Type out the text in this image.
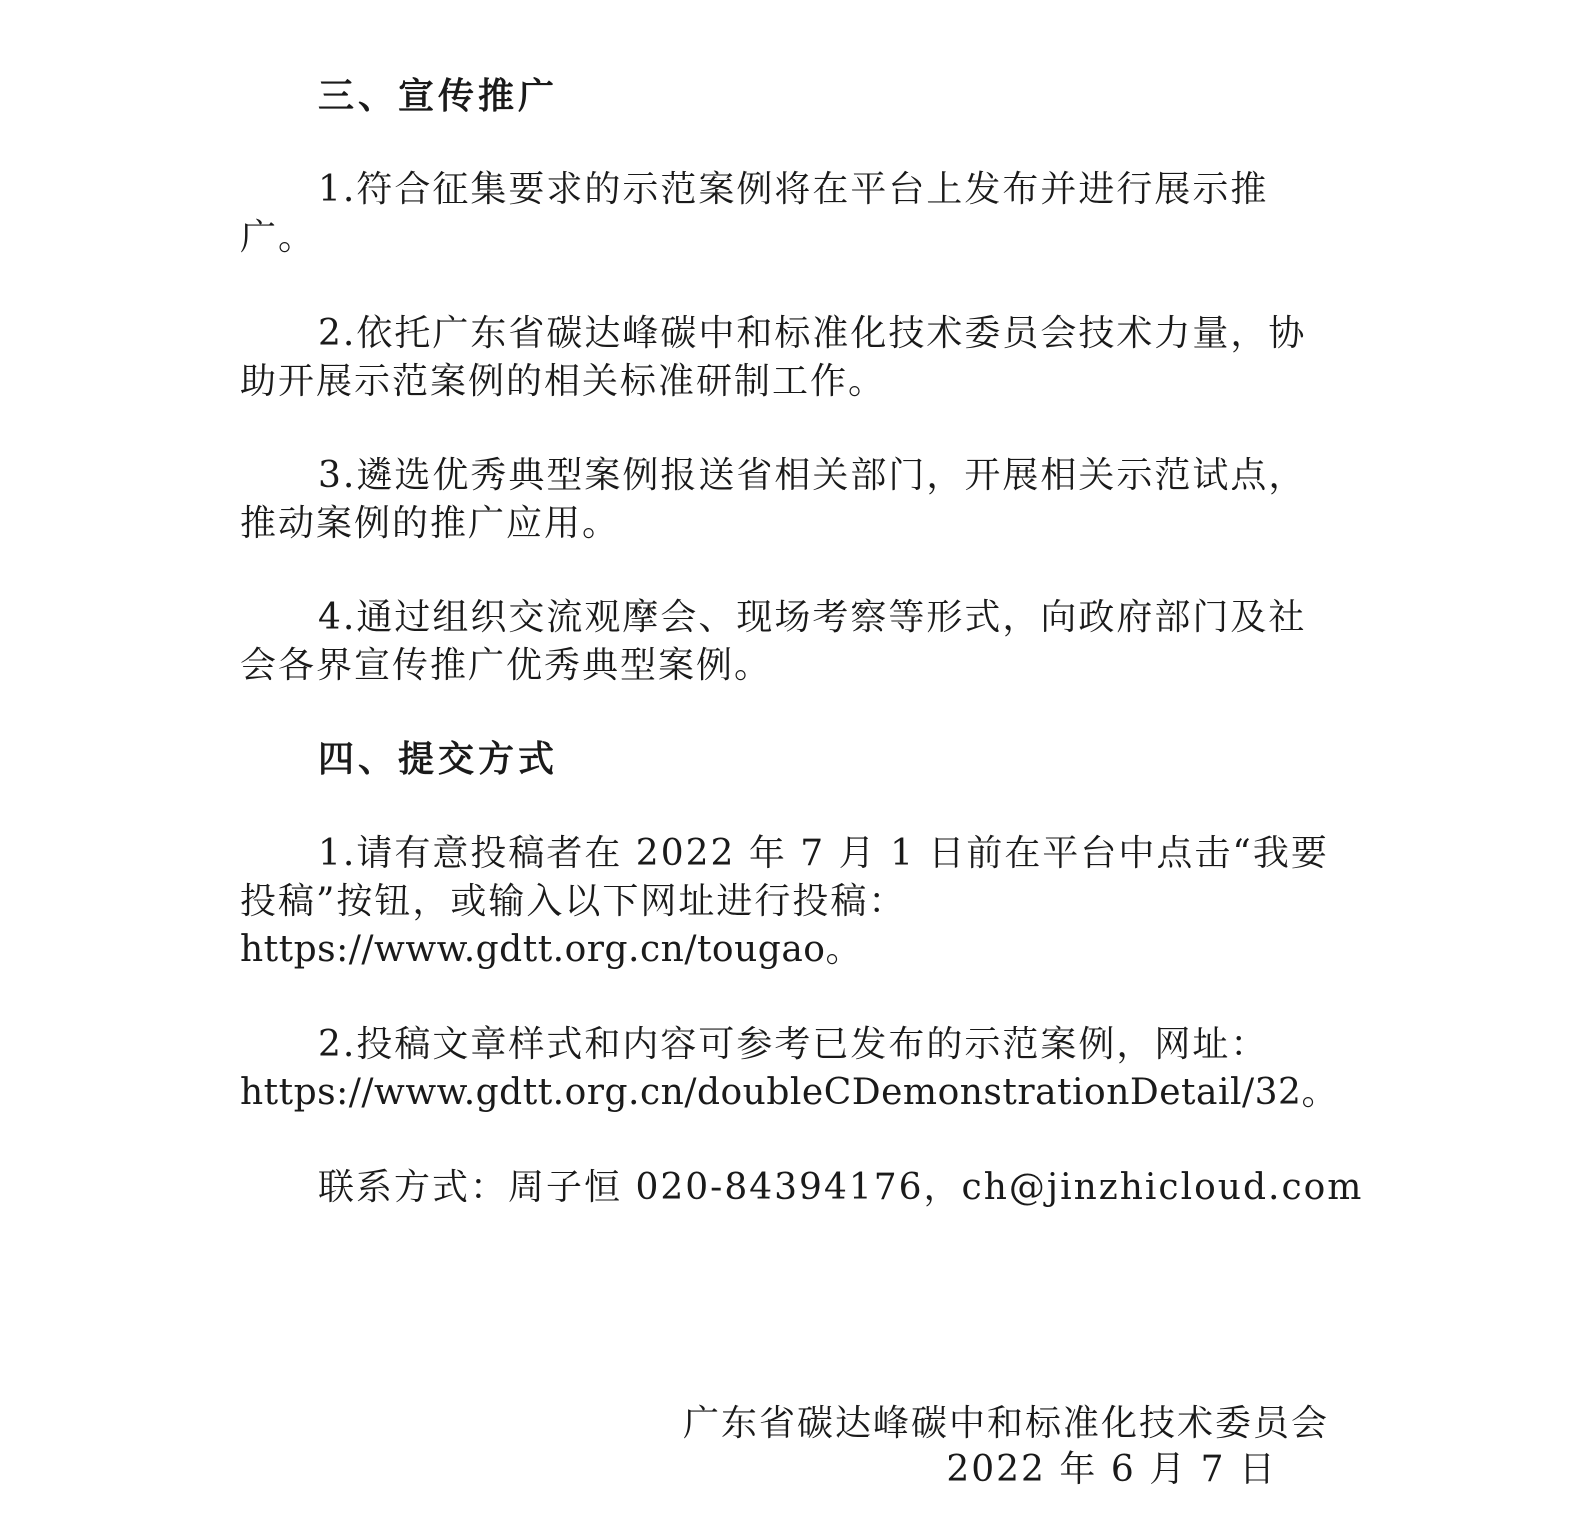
三、宣传推广
1.符合征集要求的示范案例将在平台上发布并进行展示推
广。
2.依托广东省碳达峰碳中和标准化技术委员会技术力量，协
助开展示范案例的相关标准研制工作。
3.遴选优秀典型案例报送省相关部门，开展相关示范试点，
推动案例的推广应用。
4.通过组织交流观摩会、现场考察等形式，向政府部门及社
会各界宣传推广优秀典型案例。
四、提交方式
1.请有意投稿者在 2022 年 7 月 1 日前在平台中点击“我要
投稿”按钮，或输入以下网址进行投稿：
https://www.gdtt.org.cn/tougao。
2.投稿文章样式和内容可参考已发布的示范案例，网址：
https://www.gdtt.org.cn/doubleCDemonstrationDetail/32。
联系方式：周子恒 020-84394176，ch@jinzhicloud.com
广东省碳达峰碳中和标准化技术委员会
2022 年 6 月 7 日
